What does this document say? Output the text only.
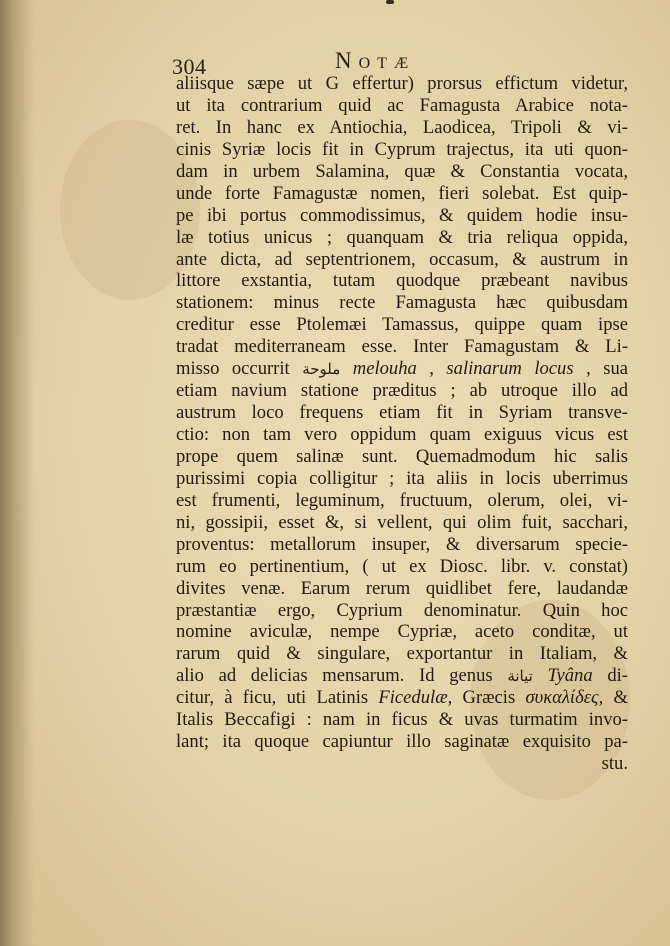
304	Notæ
aliisque sæpe ut G effertur) prorsus effictum videtur,
ut ita contrarium quid ac Famagusta Arabice nota-
ret. In hanc ex Antiochia, Laodicea, Tripoli & vi-
cinis Syriæ locis fit in Cyprum trajectus, ita uti quon-
dam in urbem Salamina, quæ & Constantia vocata,
unde forte Famagustæ nomen, fieri solebat. Est quip-
pe ibi portus commodissimus, & quidem hodie insu-
læ totius unicus ; quanquam & tria reliqua oppida,
ante dicta, ad septentrionem, occasum, & austrum in
littore exstantia, tutam quodque præbeant navibus
stationem: minus recte Famagusta hæc quibusdam
creditur esse Ptolemæi Tamassus, quippe quam ipse
tradat mediterraneam esse. Inter Famagustam & Li-
misso occurrit ملوحة melouha , salinarum locus , sua
etiam navium statione præditus ; ab utroque illo ad
austrum loco frequens etiam fit in Syriam transve-
ctio: non tam vero oppidum quam exiguus vicus est
prope quem salinæ sunt. Quemadmodum hic salis
purissimi copia colligitur ; ita aliis in locis uberrimus
est frumenti, leguminum, fructuum, olerum, olei, vi-
ni, gossipii, esset &, si vellent, qui olim fuit, sacchari,
proventus: metallorum insuper, & diversarum specie-
rum eo pertinentium, ( ut ex Diosc. libr. v. constat)
divites venæ. Earum rerum quidlibet fere, laudandæ
præstantiæ ergo, Cyprium denominatur. Quin hoc
nomine aviculæ, nempe Cypriæ, aceto conditæ, ut
rarum quid & singulare, exportantur in Italiam, &
alio ad delicias mensarum. Id genus تيانة Tyâna di-
citur, à ficu, uti Latinis Ficedulæ, Græcis συκαλίδες, &
Italis Beccafigi : nam in ficus & uvas turmatim invo-
lant; ita quoque capiuntur illo saginatæ exquisito pa-
stu.
